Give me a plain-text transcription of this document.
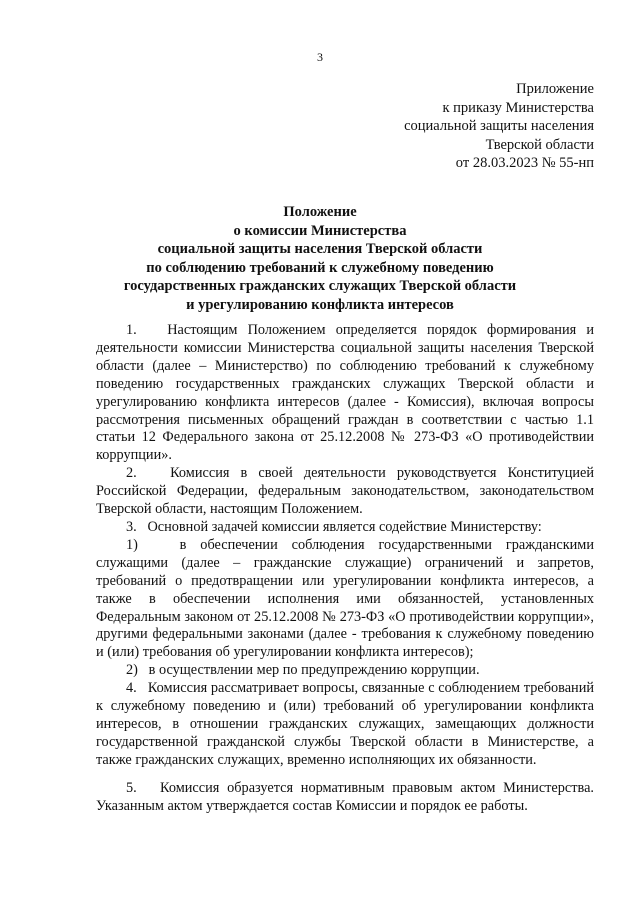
3
Приложение
к приказу Министерства
социальной защиты населения
Тверской области
от 28.03.2023 № 55-нп
Положение
о комиссии Министерства
социальной защиты населения Тверской области
по соблюдению требований к служебному поведению
государственных гражданских служащих Тверской области
и урегулированию конфликта интересов

1.   Настоящим Положением определяется порядок формирования и деятельности комиссии Министерства социальной защиты населения Тверской области (далее – Министерство) по соблюдению требований к служебному поведению государственных гражданских служащих Тверской области и урегулированию конфликта интересов (далее - Комиссия), включая вопросы рассмотрения письменных обращений граждан в соответствии с частью 1.1 статьи 12 Федерального закона от 25.12.2008 № 273-ФЗ «О противодействии коррупции».

2.   Комиссия в своей деятельности руководствуется Конституцией Российской Федерации, федеральным законодательством, законодательством Тверской области, настоящим Положением.

3.   Основной задачей комиссии является содействие Министерству:

1)   в обеспечении соблюдения государственными гражданскими служащими (далее – гражданские служащие) ограничений и запретов, требований о предотвращении или урегулировании конфликта интересов, а также в обеспечении исполнения ими обязанностей, установленных Федеральным законом от 25.12.2008 № 273-ФЗ «О противодействии коррупции», другими федеральными законами (далее - требования к служебному поведению и (или) требования об урегулировании конфликта интересов);

2)   в осуществлении мер по предупреждению коррупции.

4.   Комиссия рассматривает вопросы, связанные с соблюдением требований к служебному поведению и (или) требований об урегулировании конфликта интересов, в отношении гражданских служащих, замещающих должности государственной гражданской службы Тверской области в Министерстве, а также гражданских служащих, временно исполняющих их обязанности.

5.   Комиссия образуется нормативным правовым актом Министерства. Указанным актом утверждается состав Комиссии и порядок ее работы.
